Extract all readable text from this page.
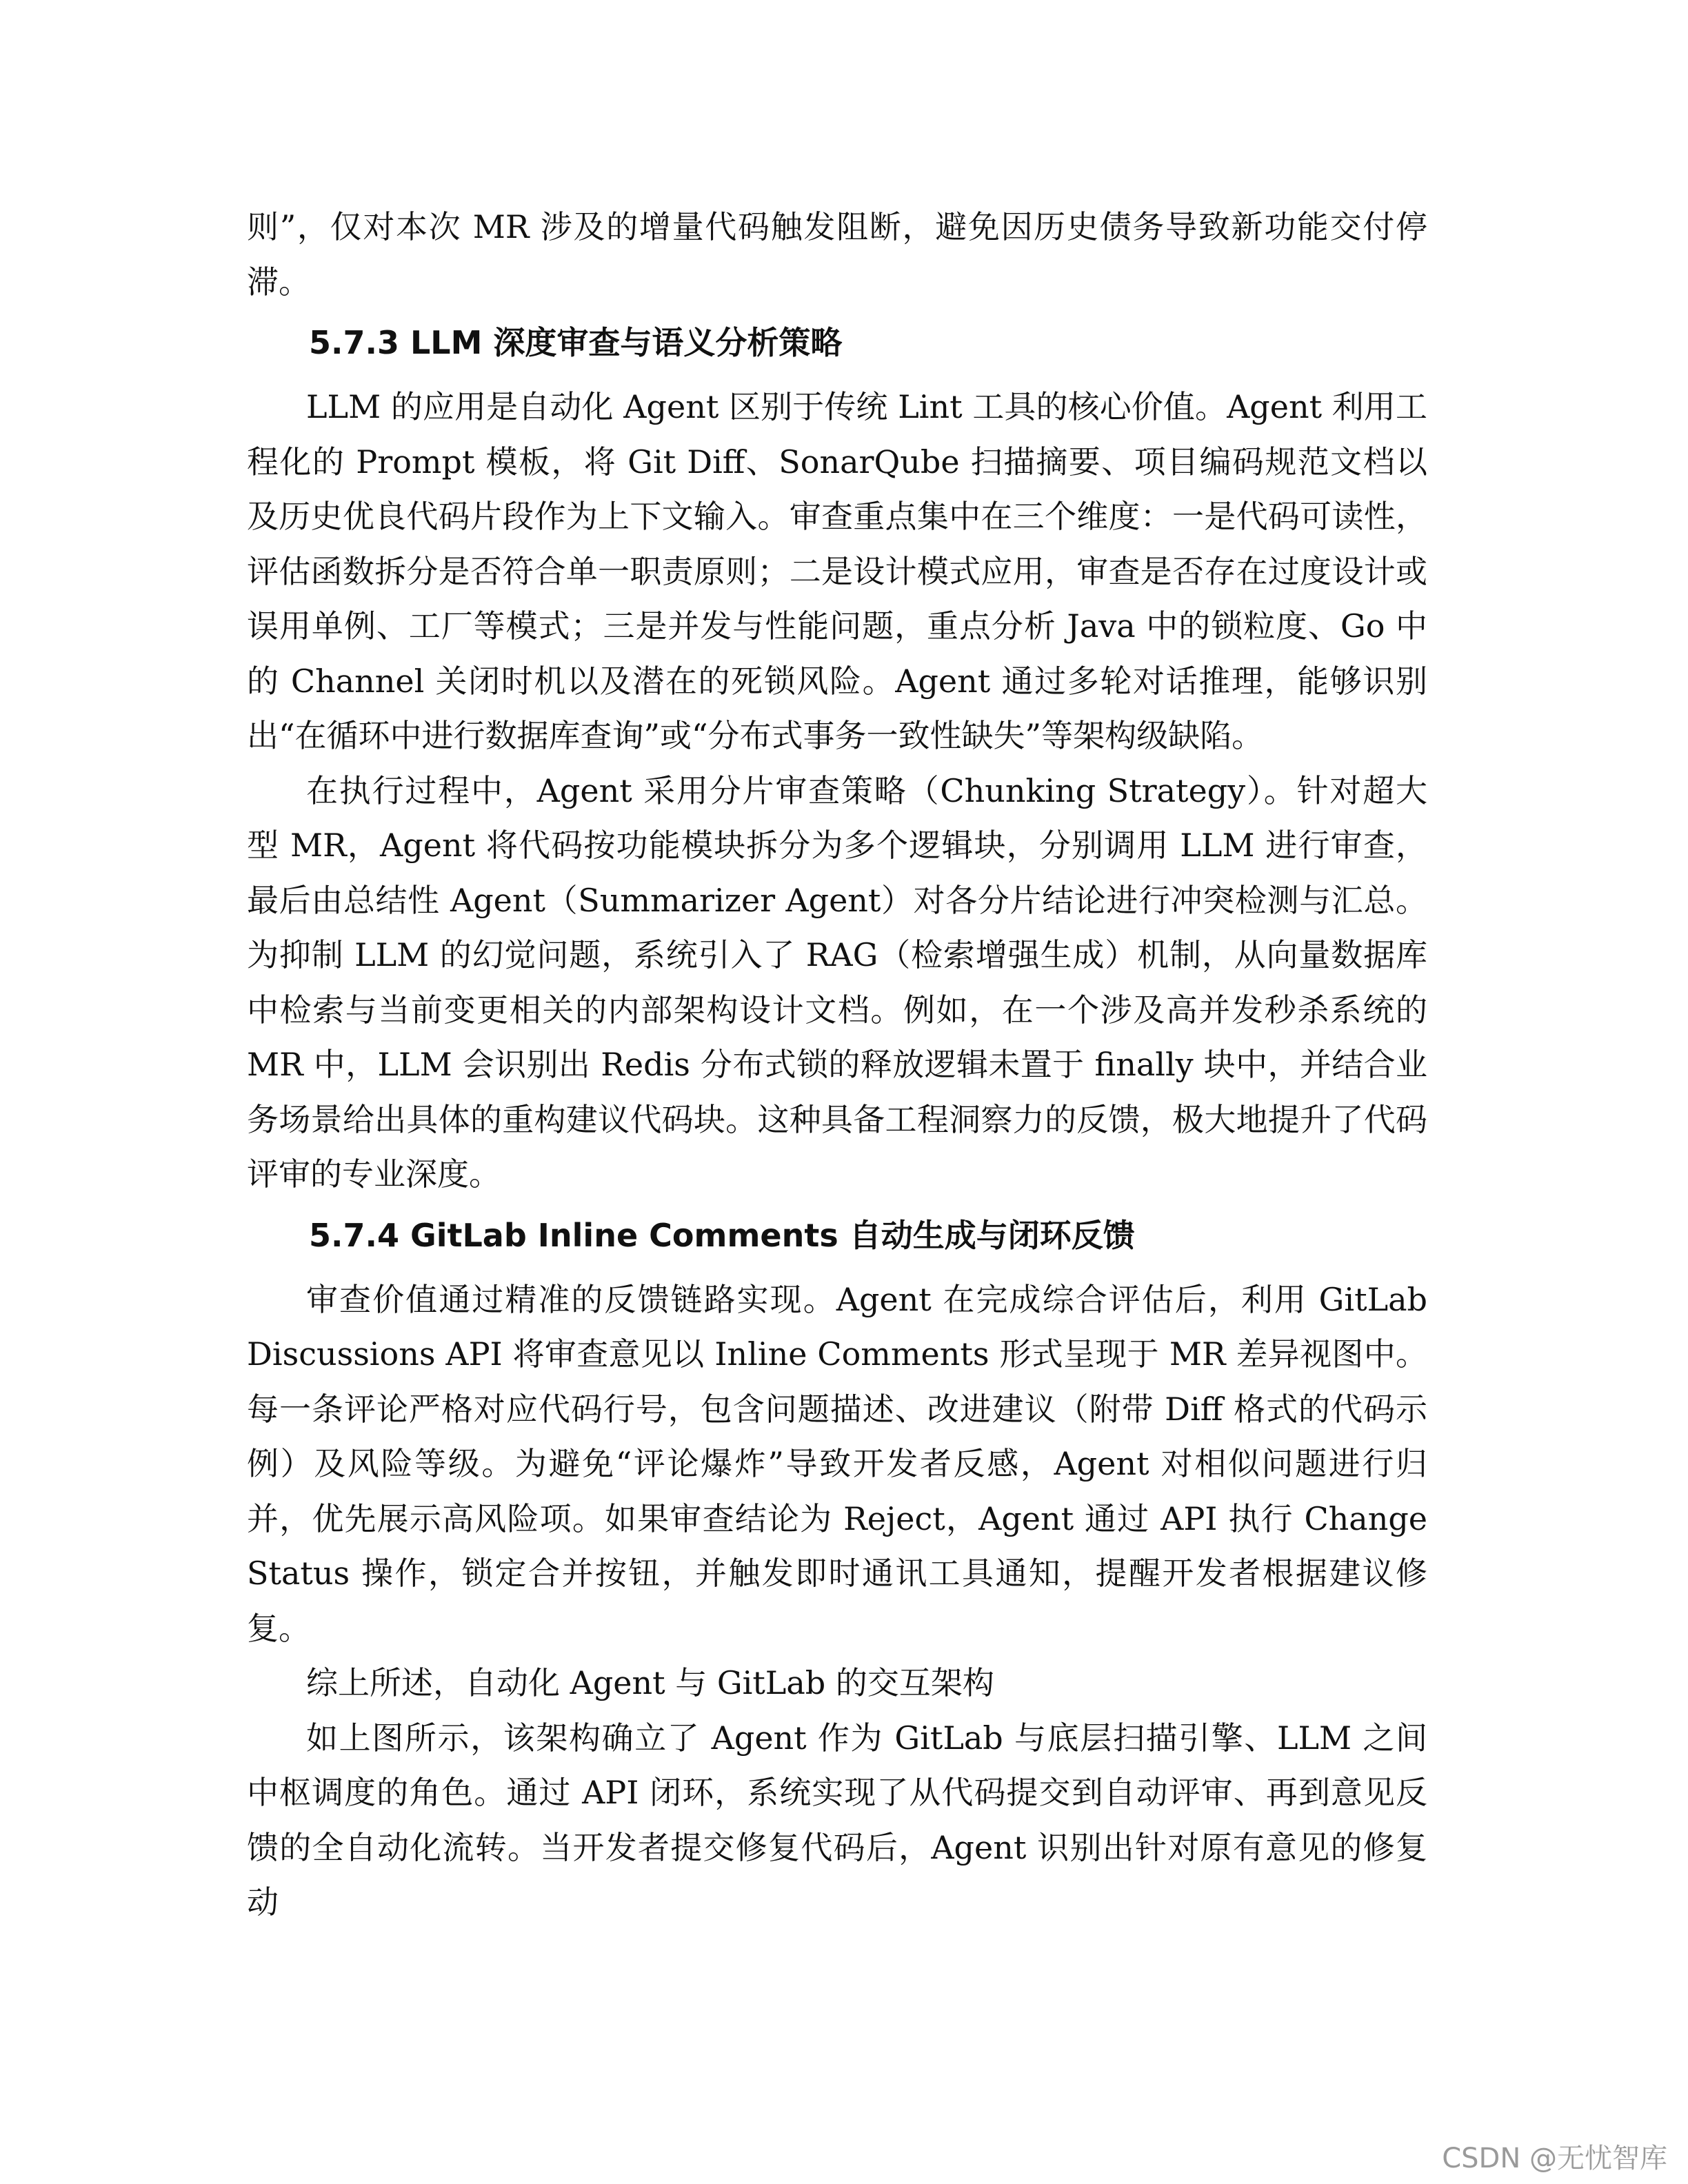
则”，仅对本次 MR 涉及的增量代码触发阻断，避免因历史债务导致新功能交付停滞。

5.7.3 LLM 深度审查与语义分析策略

LLM 的应用是自动化 Agent 区别于传统 Lint 工具的核心价值。Agent 利用工程化的 Prompt 模板，将 Git Diff、SonarQube 扫描摘要、项目编码规范文档以及历史优良代码片段作为上下文输入。审查重点集中在三个维度：一是代码可读性，评估函数拆分是否符合单一职责原则；二是设计模式应用，审查是否存在过度设计或误用单例、工厂等模式；三是并发与性能问题，重点分析 Java 中的锁粒度、Go 中的 Channel 关闭时机以及潜在的死锁风险。Agent 通过多轮对话推理，能够识别出“在循环中进行数据库查询”或“分布式事务一致性缺失”等架构级缺陷。

在执行过程中，Agent 采用分片审查策略（Chunking Strategy）。针对超大型 MR，Agent 将代码按功能模块拆分为多个逻辑块，分别调用 LLM 进行审查，最后由总结性 Agent（Summarizer Agent）对各分片结论进行冲突检测与汇总。为抑制 LLM 的幻觉问题，系统引入了 RAG（检索增强生成）机制，从向量数据库中检索与当前变更相关的内部架构设计文档。例如，在一个涉及高并发秒杀系统的 MR 中，LLM 会识别出 Redis 分布式锁的释放逻辑未置于 finally 块中，并结合业务场景给出具体的重构建议代码块。这种具备工程洞察力的反馈，极大地提升了代码评审的专业深度。

5.7.4 GitLab Inline Comments 自动生成与闭环反馈

审查价值通过精准的反馈链路实现。Agent 在完成综合评估后，利用 GitLab Discussions API 将审查意见以 Inline Comments 形式呈现于 MR 差异视图中。每一条评论严格对应代码行号，包含问题描述、改进建议（附带 Diff 格式的代码示例）及风险等级。为避免“评论爆炸”导致开发者反感，Agent 对相似问题进行归并，优先展示高风险项。如果审查结论为 Reject，Agent 通过 API 执行 Change Status 操作，锁定合并按钮，并触发即时通讯工具通知，提醒开发者根据建议修复。

综上所述，自动化 Agent 与 GitLab 的交互架构

如上图所示，该架构确立了 Agent 作为 GitLab 与底层扫描引擎、LLM 之间中枢调度的角色。通过 API 闭环，系统实现了从代码提交到自动评审、再到意见反馈的全自动化流转。当开发者提交修复代码后，Agent 识别出针对原有意见的修复动

CSDN @无忧智库
